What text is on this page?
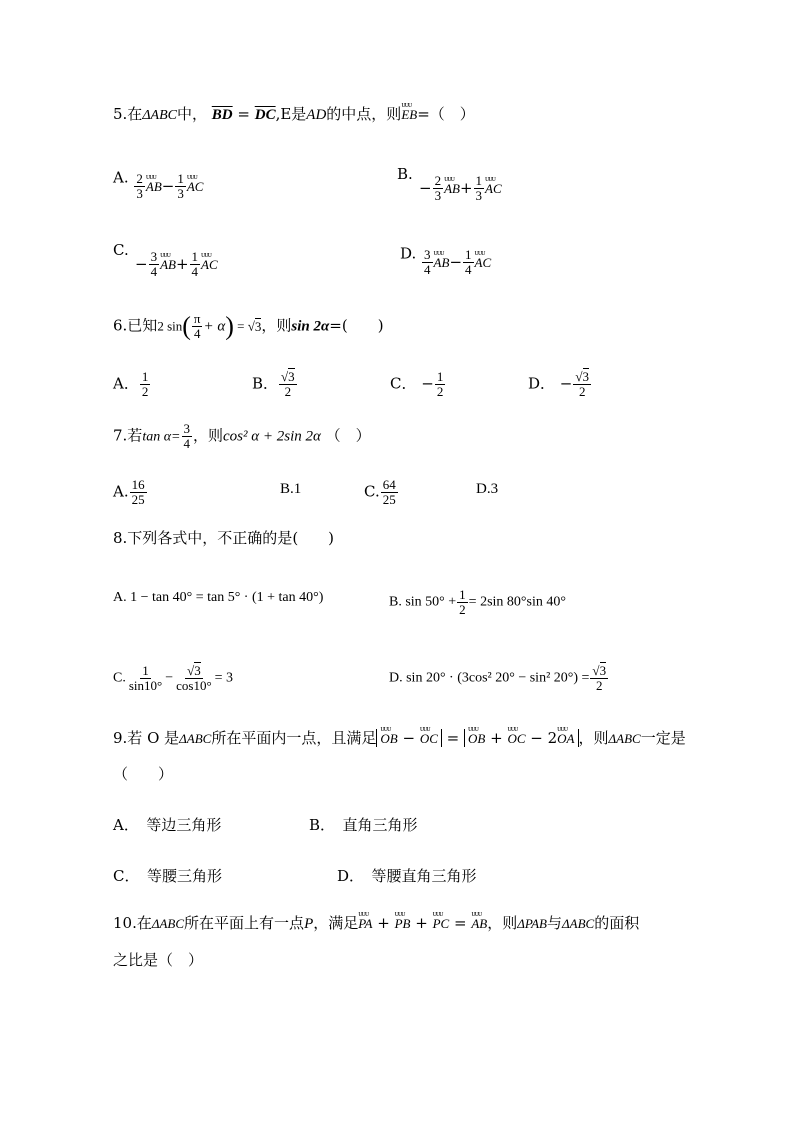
5.在ΔABC中， $\overline{BD} = \overline{DC},E$是AD的中点，则ᴜᴜᴜ EB=（　）
A. $\frac{2}{3}$ ᴜᴜᴜ $AB- \frac{1}{3}$ ᴜᴜᴜ AC
B.
− $\frac{2}{3}$ ᴜᴜᴜ $AB+ \frac{1}{3}$ ᴜᴜᴜ AC
C.
− $\frac{3}{4}$ ᴜᴜᴜ $AB+ \frac{1}{4}$ ᴜᴜᴜ AC
D. $\frac{3}{4}$ ᴜᴜᴜ $AB- \frac{1}{4}$ ᴜᴜᴜ AC
6.已知2 $\sin( \frac{\pi}{4} + \alpha) = √3$，则sin 2α=(　　)
A． $\frac{1}{2}$	B． $\frac{√3}{2}$	C． − $\frac{1}{2}$	D． − $\frac{√3}{2}$
7.若$\tan \alpha= \frac{3}{4}$ ，则cos² α + 2sin 2α （　）
A. $\frac{16}{25}$	B.1	C. $\frac{64}{25}$	D.3
8.下列各式中，不正确的是(　　)
A. 1 − tan 40° = tan 5° · (1 + tan 40°)	B. $\sin 50^\circ + \frac{1}{2} = 2\sin$ 80°sin 40°
C. $\frac{1}{\sin 10^\circ} - \frac{√3}{\cos 10^\circ} = 3$	D. sin 20° · (3cos² 20° − sin² $20^\circ) = \frac{√3}{2}$
9.若 O 是ΔABC所在平面内一点，且满足 ᴜᴜᴜ OB − ᴜᴜᴜ OC = ᴜᴜᴜ OB + ᴜᴜᴜ OC − 2ᴜᴜᴜ OA ，则ΔABC一定是
（　　）
A．　等边三角形	B．　直角三角形
C．　等腰三角形	D．　等腰直角三角形
10.在ΔABC所在平面上有一点P，满足ᴜᴜᴜ PA + ᴜᴜᴜ PB + ᴜᴜᴜ PC = ᴜᴜᴜ AB，则ΔPAB与ΔABC的面积
之比是（　）
